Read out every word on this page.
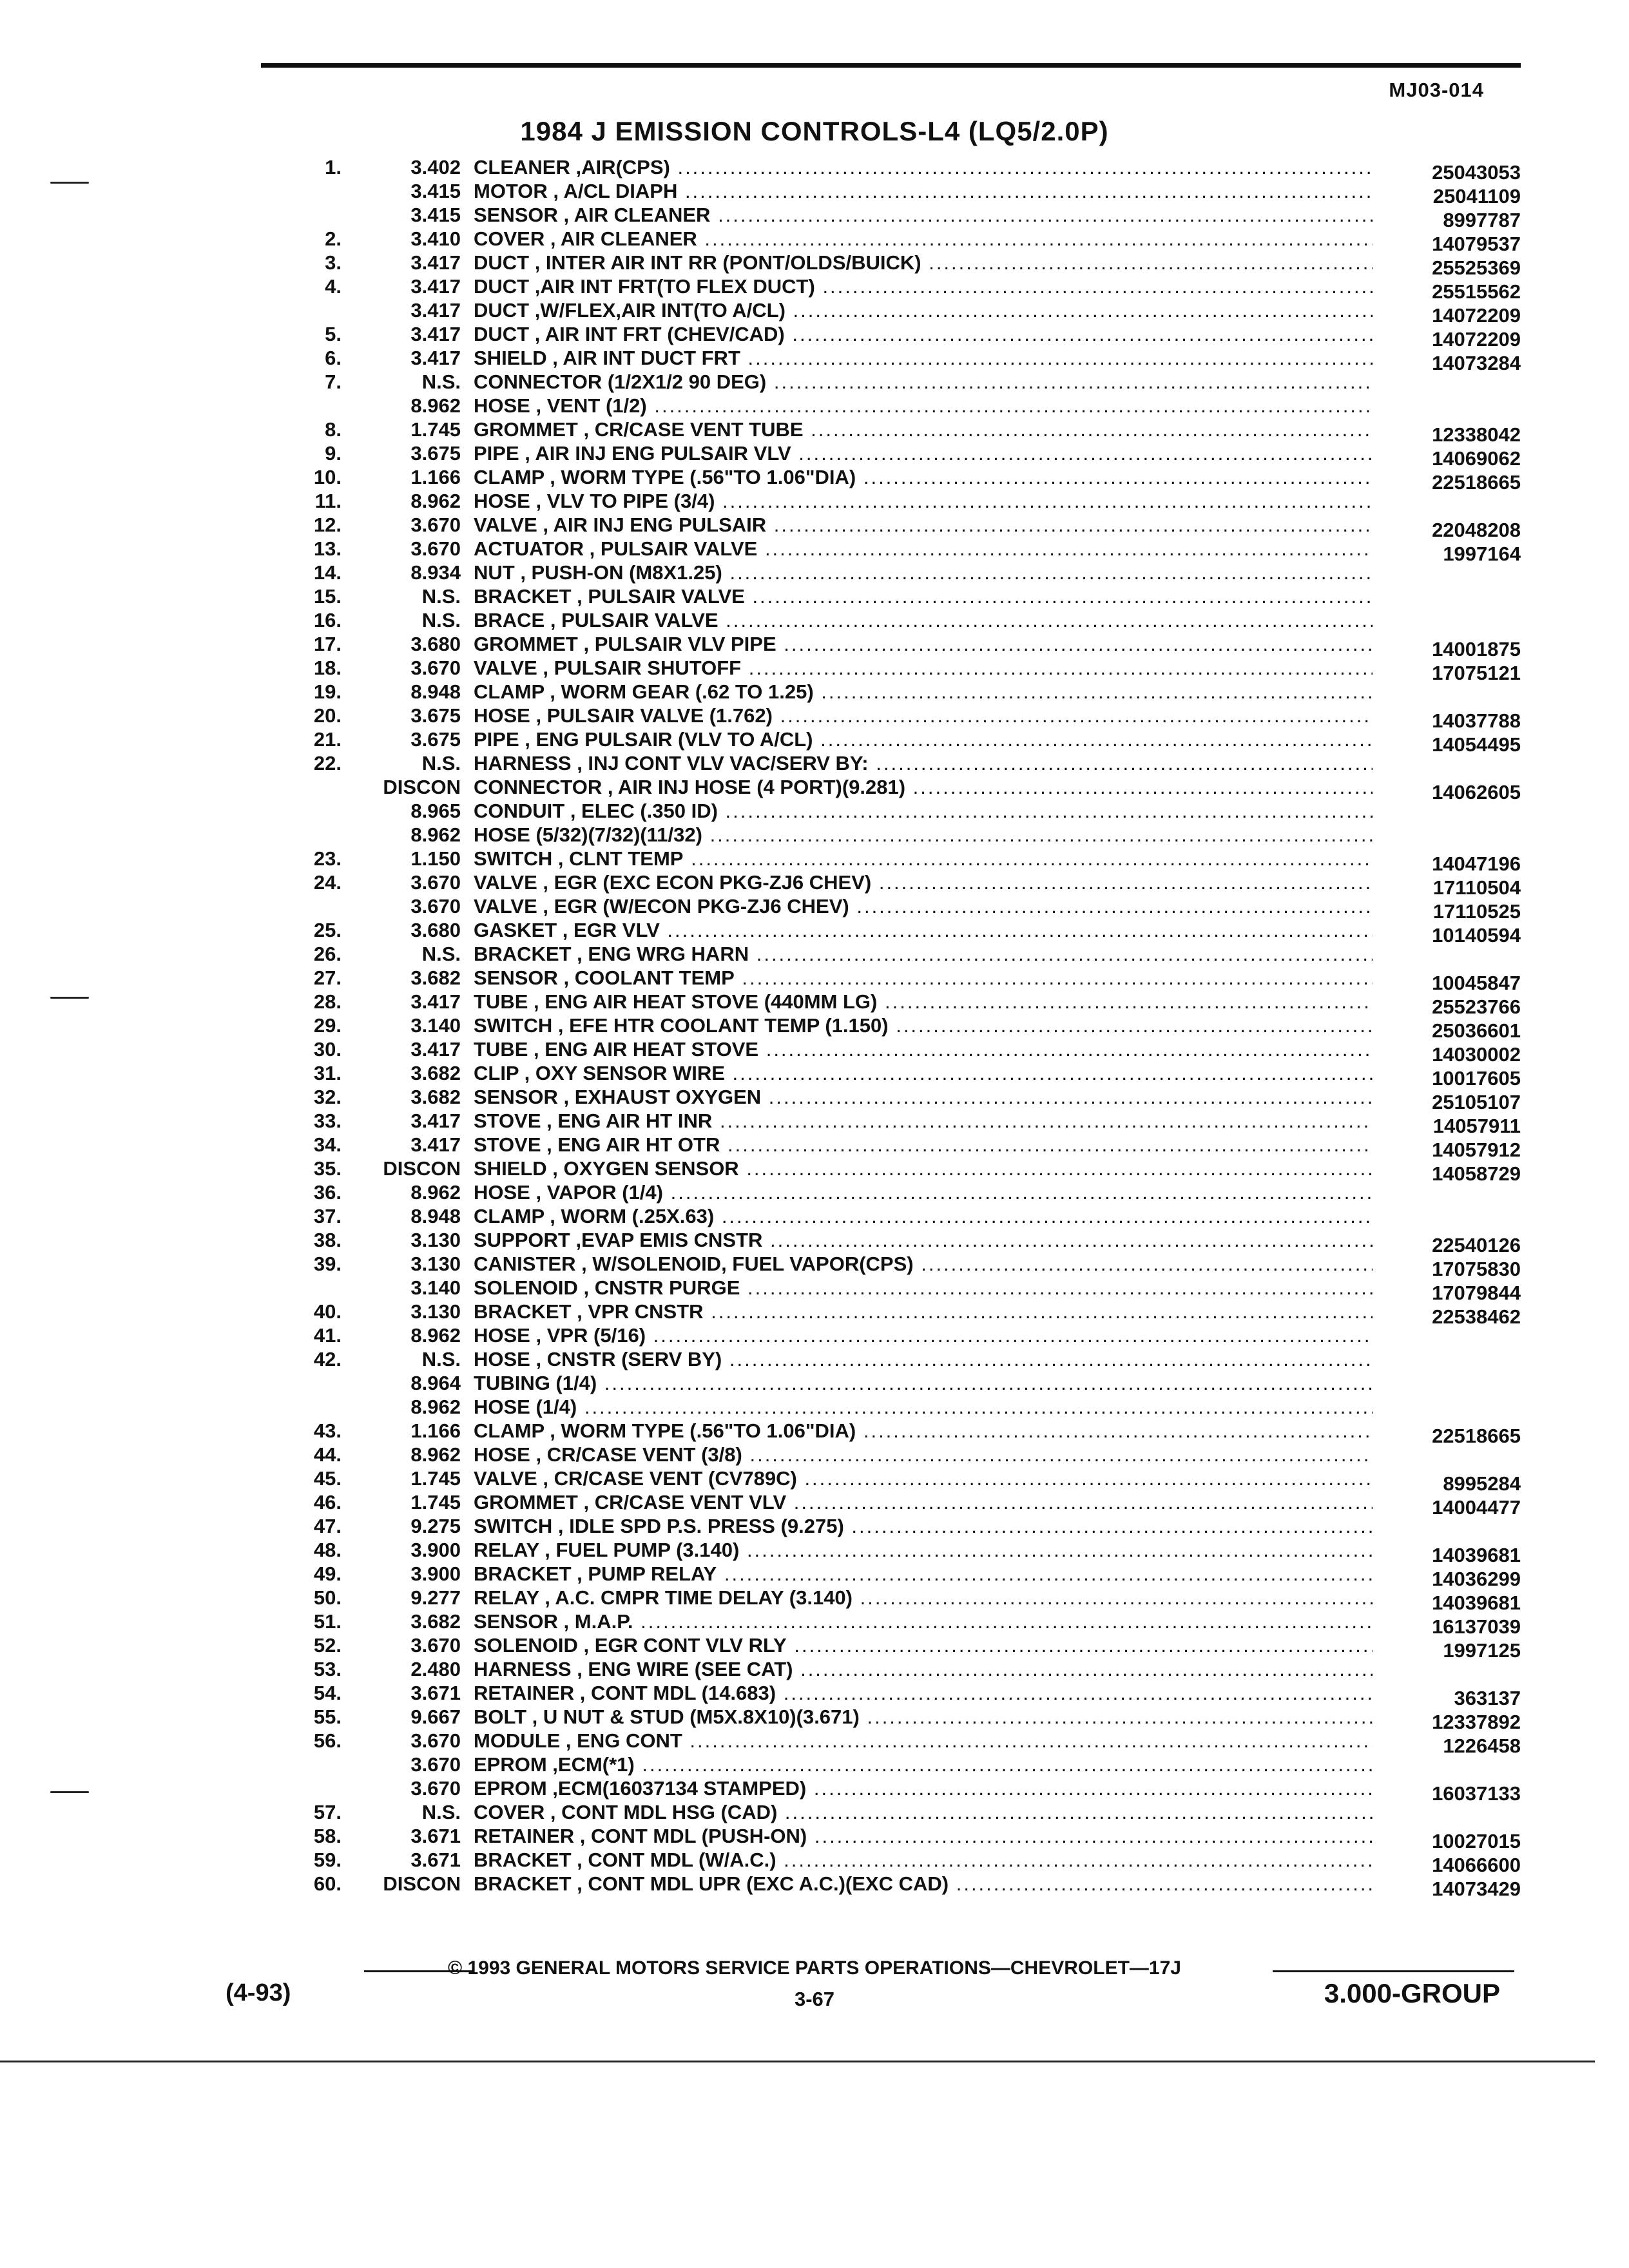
MJ03-014
1984 J EMISSION CONTROLS-L4 (LQ5/2.0P)
1.	3.402 CLEANER ,AIR(CPS) .....	25043053
3.415 MOTOR , A/CL DIAPH .....	25041109
3.415 SENSOR , AIR CLEANER .....	8997787
2.	3.410 COVER , AIR CLEANER .....	14079537
3.	3.417 DUCT , INTER AIR INT RR (PONT/OLDS/BUICK) .....	25525369
4.	3.417 DUCT ,AIR INT FRT(TO FLEX DUCT) .....	25515562
3.417 DUCT ,W/FLEX,AIR INT(TO A/CL) .....	14072209
5.	3.417 DUCT , AIR INT FRT (CHEV/CAD) .....	14072209
6.	3.417 SHIELD , AIR INT DUCT FRT .....	14073284
7.	N.S. CONNECTOR (1/2X1/2 90 DEG) .....
8.962 HOSE , VENT (1/2) .....
8.	1.745 GROMMET , CR/CASE VENT TUBE .....	12338042
9.	3.675 PIPE , AIR INJ ENG PULSAIR VLV .....	14069062
10.	1.166 CLAMP , WORM TYPE (.56"TO 1.06"DIA) .....	22518665
11.	8.962 HOSE , VLV TO PIPE (3/4) .....
12.	3.670 VALVE , AIR INJ ENG PULSAIR .....	22048208
13.	3.670 ACTUATOR , PULSAIR VALVE .....	1997164
14.	8.934 NUT , PUSH-ON (M8X1.25) .....
15.	N.S. BRACKET , PULSAIR VALVE .....
16.	N.S. BRACE , PULSAIR VALVE .....
17.	3.680 GROMMET , PULSAIR VLV PIPE .....	14001875
18.	3.670 VALVE , PULSAIR SHUTOFF .....	17075121
19.	8.948 CLAMP , WORM GEAR (.62 TO 1.25) .....
20.	3.675 HOSE , PULSAIR VALVE (1.762) .....	14037788
21.	3.675 PIPE , ENG PULSAIR (VLV TO A/CL) .....	14054495
22.	N.S. HARNESS , INJ CONT VLV VAC/SERV BY: .....
DISCON CONNECTOR , AIR INJ HOSE (4 PORT)(9.281) .....	14062605
8.965 CONDUIT , ELEC (.350 ID) .....
8.962 HOSE (5/32)(7/32)(11/32) .....
23.	1.150 SWITCH , CLNT TEMP .....	14047196
24.	3.670 VALVE , EGR (EXC ECON PKG-ZJ6 CHEV) .....	17110504
3.670 VALVE , EGR (W/ECON PKG-ZJ6 CHEV) .....	17110525
25.	3.680 GASKET , EGR VLV .....	10140594
26.	N.S. BRACKET , ENG WRG HARN .....
27.	3.682 SENSOR , COOLANT TEMP .....	10045847
28.	3.417 TUBE , ENG AIR HEAT STOVE (440MM LG) .....	25523766
29.	3.140 SWITCH , EFE HTR COOLANT TEMP (1.150) .....	25036601
30.	3.417 TUBE , ENG AIR HEAT STOVE .....	14030002
31.	3.682 CLIP , OXY SENSOR WIRE .....	10017605
32.	3.682 SENSOR , EXHAUST OXYGEN .....	25105107
33.	3.417 STOVE , ENG AIR HT INR .....	14057911
34.	3.417 STOVE , ENG AIR HT OTR .....	14057912
35.	DISCON SHIELD , OXYGEN SENSOR .....	14058729
36.	8.962 HOSE , VAPOR (1/4) .....
37.	8.948 CLAMP , WORM (.25X.63) .....
38.	3.130 SUPPORT ,EVAP EMIS CNSTR .....	22540126
39.	3.130 CANISTER , W/SOLENOID, FUEL VAPOR(CPS) .....	17075830
3.140 SOLENOID , CNSTR PURGE .....	17079844
40.	3.130 BRACKET , VPR CNSTR .....	22538462
41.	8.962 HOSE , VPR (5/16) .....
42.	N.S. HOSE , CNSTR (SERV BY) .....
8.964 TUBING (1/4) .....
8.962 HOSE (1/4) .....
43.	1.166 CLAMP , WORM TYPE (.56"TO 1.06"DIA) .....	22518665
44.	8.962 HOSE , CR/CASE VENT (3/8) .....
45.	1.745 VALVE , CR/CASE VENT (CV789C) .....	8995284
46.	1.745 GROMMET , CR/CASE VENT VLV .....	14004477
47.	9.275 SWITCH , IDLE SPD P.S. PRESS (9.275) .....
48.	3.900 RELAY , FUEL PUMP (3.140) .....	14039681
49.	3.900 BRACKET , PUMP RELAY .....	14036299
50.	9.277 RELAY , A.C. CMPR TIME DELAY (3.140) .....	14039681
51.	3.682 SENSOR , M.A.P. .....	16137039
52.	3.670 SOLENOID , EGR CONT VLV RLY .....	1997125
53.	2.480 HARNESS , ENG WIRE (SEE CAT) .....
54.	3.671 RETAINER , CONT MDL (14.683) .....	363137
55.	9.667 BOLT , U NUT & STUD (M5X.8X10)(3.671) .....	12337892
56.	3.670 MODULE , ENG CONT .....	1226458
3.670 EPROM ,ECM(*1) .....
3.670 EPROM ,ECM(16037134 STAMPED) .....	16037133
57.	N.S. COVER , CONT MDL HSG (CAD) .....
58.	3.671 RETAINER , CONT MDL (PUSH-ON) .....	10027015
59.	3.671 BRACKET , CONT MDL (W/A.C.) .....	14066600
60.	DISCON BRACKET , CONT MDL UPR (EXC A.C.)(EXC CAD) .....	14073429
© 1993 GENERAL MOTORS SERVICE PARTS OPERATIONS—CHEVROLET—17J
(4-93)	3-67	3.000-GROUP
